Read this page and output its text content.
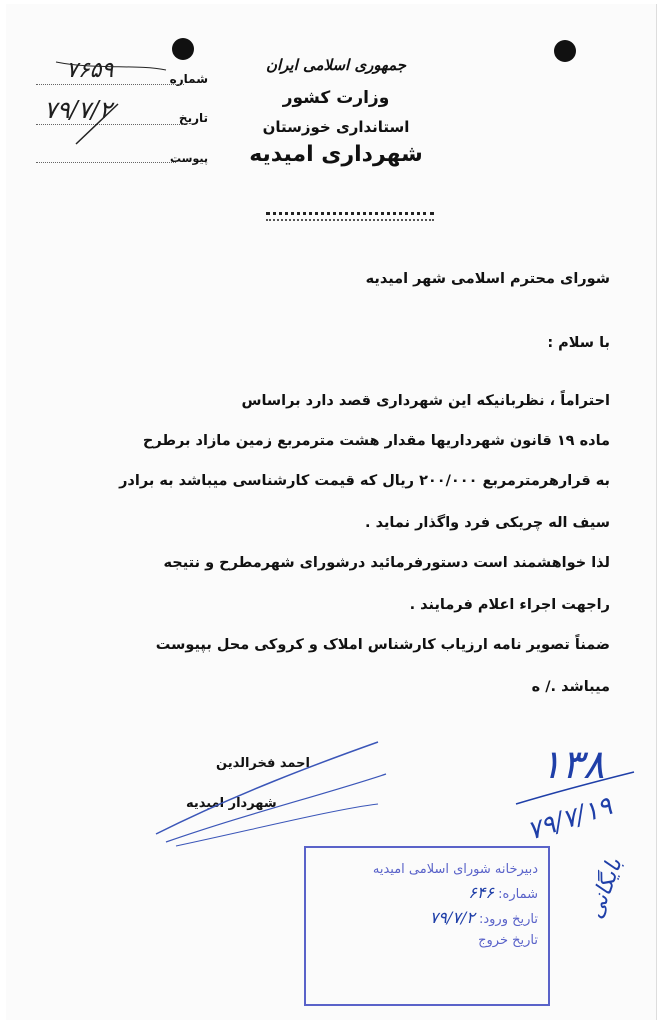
جمهوری اسلامی ایران
وزارت کشور
استانداری خوزستان
شهرداری امیدیه
شماره
۷۶۵۹
تاریخ
۷۹/۷/۲
پیوست
شورای محترم اسلامی شهر امیدیه
با سلام :
احتراماً ، نظربانیکه این شهرداری قصد دارد براساس
ماده ۱۹ قانون شهرداریها مقدار هشت مترمربع زمین مازاد برطرح
به قرارهرمترمربع ۲۰۰/۰۰۰ ریال که قیمت کارشناسی میباشد به برادر
سیف اله چریکی فرد واگذار نماید .
لذا خواهشمند است دستورفرمائید درشورای شهرمطرح و نتیجه
راجهت اجراء اعلام فرمایند .
ضمناً تصویر نامه ارزیاب کارشناس املاک و کروکی محل بپیوست
میباشد ./ ه
احمد فخرالدین
شهردار امیدیه
دبیرخانه شورای اسلامی امیدیه
شماره: ۶۴۶
تاریخ ورود: ۷۹/۷/۲
تاریخ خروج
۱۳۸
۷۹/۷/۱۹
بایگانی
